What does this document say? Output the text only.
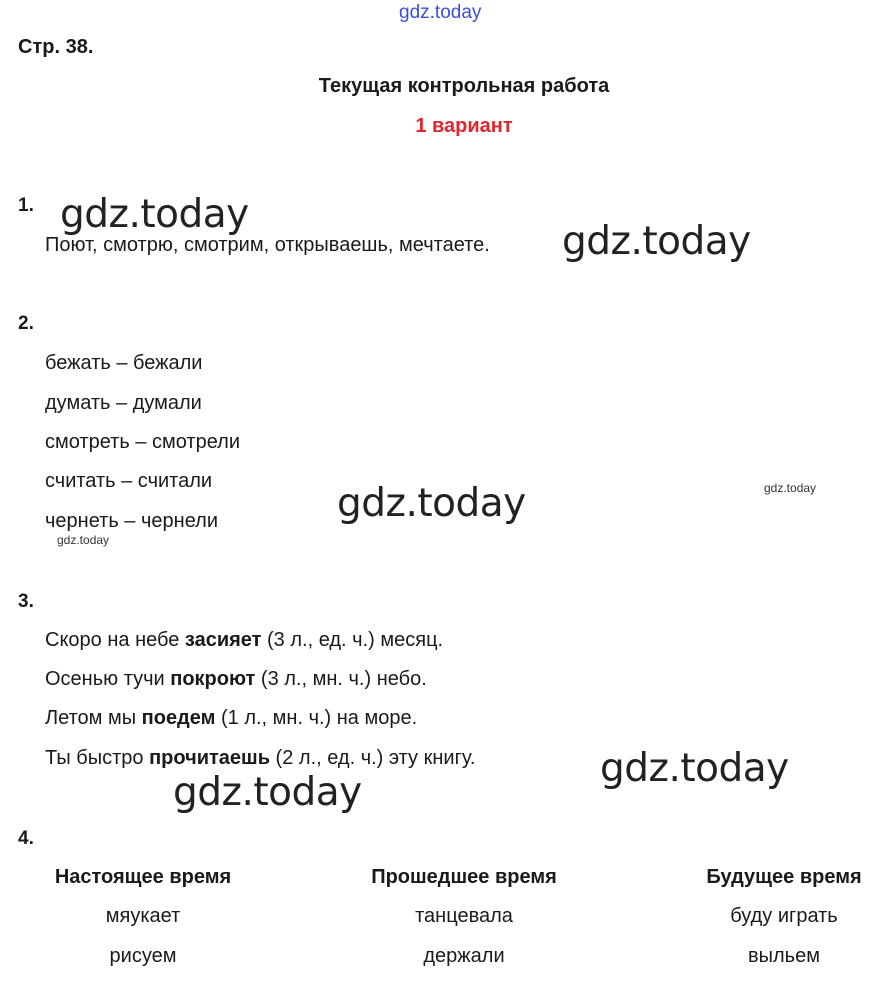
gdz.today
Стр. 38.
Текущая контрольная работа
1 вариант
1.
Поют, смотрю, смотрим, открываешь, мечтаете.
2.
бежать – бежали
думать – думали
смотреть – смотрели
считать – считали
чернеть – чернели
3.
Скоро на небе засияет (3 л., ед. ч.) месяц.
Осенью тучи покроют (3 л., мн. ч.) небо.
Летом мы поедем (1 л., мн. ч.) на море.
Ты быстро прочитаешь (2 л., ед. ч.) эту книгу.
4.
Настоящее время	Прошедшее время	Будущее время
мяукает	танцевала	буду играть
рисуем	держали	выльем
gdz.today
gdz.today
gdz.today
gdz.today
gdz.today
gdz.today
gdz.today
